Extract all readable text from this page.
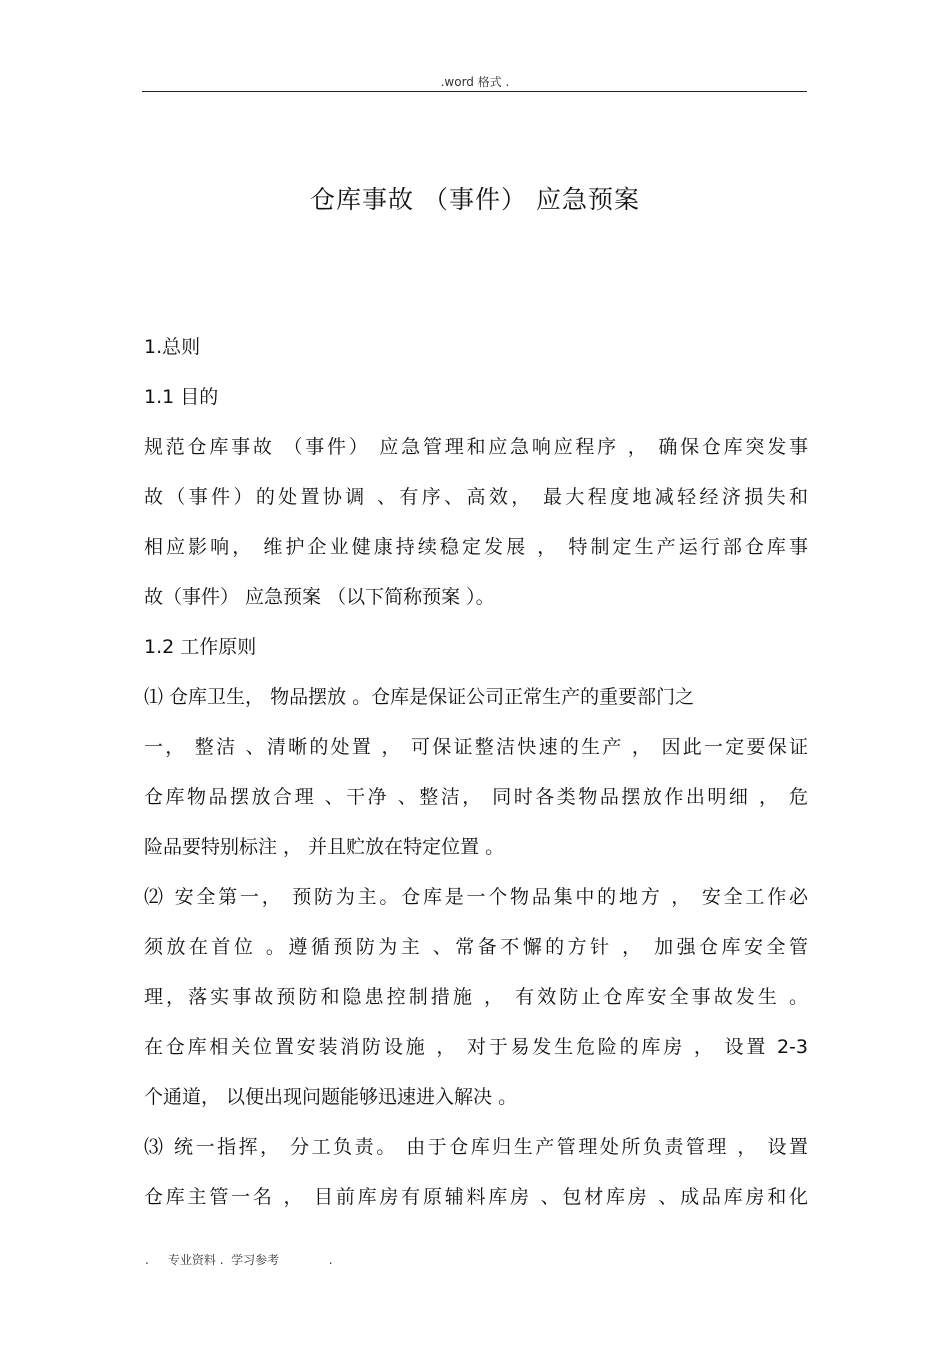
.word 格式 .
仓库事故 （事件） 应急预案
1.总则
1.1 目的
规范仓库事故 （事件） 应急管理和应急响应程序 ， 确保仓库突发事
故（事件）的处置协调 、有序、高效， 最大程度地减轻经济损失和
相应影响， 维护企业健康持续稳定发展 ， 特制定生产运行部仓库事
故（事件） 应急预案 （以下简称预案 ）。
1.2 工作原则
⑴ 仓库卫生， 物品摆放 。仓库是保证公司正常生产的重要部门之
一， 整洁 、清晰的处置 ， 可保证整洁快速的生产 ， 因此一定要保证
仓库物品摆放合理 、干净 、整洁， 同时各类物品摆放作出明细 ， 危
险品要特别标注 ， 并且贮放在特定位置 。
⑵ 安全第一， 预防为主。仓库是一个物品集中的地方 ， 安全工作必
须放在首位 。遵循预防为主 、常备不懈的方针 ， 加强仓库安全管
理，落实事故预防和隐患控制措施 ， 有效防止仓库安全事故发生 。
在仓库相关位置安装消防设施 ， 对于易发生危险的库房 ， 设置 2-3
个通道， 以便出现问题能够迅速进入解决 。
⑶ 统一指挥， 分工负责。 由于仓库归生产管理处所负责管理 ， 设置
仓库主管一名 ， 目前库房有原辅料库房 、包材库房 、成品库房和化
.     专业资料 .  学习参考             .
